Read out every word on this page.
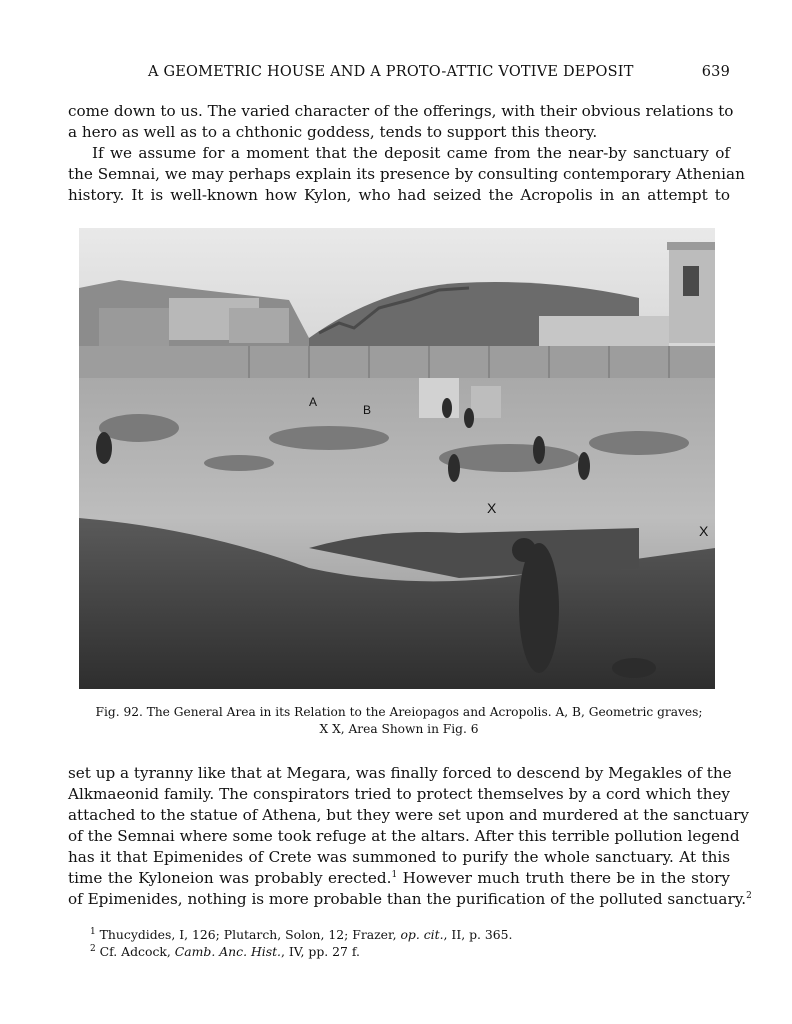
A GEOMETRIC HOUSE AND A PROTO-ATTIC VOTIVE DEPOSIT	639
come down to us. The varied character of the offerings, with their obvious relations to
a hero as well as to a chthonic goddess, tends to support this theory.
If we assume for a moment that the deposit came from the near-by sanctuary of
the Semnai, we may perhaps explain its presence by consulting contemporary Athenian
history. It is well-known how Kylon, who had seized the Acropolis in an attempt to
A
B
X
X
Fig. 92. The General Area in its Relation to the Areiopagos and Acropolis. A, B, Geometric graves;
X X, Area Shown in Fig. 6
set up a tyranny like that at Megara, was finally forced to descend by Megakles of the
Alkmaeonid family. The conspirators tried to protect themselves by a cord which they
attached to the statue of Athena, but they were set upon and murdered at the sanctuary
of the Semnai where some took refuge at the altars. After this terrible pollution legend
has it that Epimenides of Crete was summoned to purify the whole sanctuary. At this
time the Kyloneion was probably erected.$^1$ However much truth there be in the story
of Epimenides, nothing is more probable than the purification of the polluted sanctuary.$^2$
$^1$ Thucydides, I, 126; Plutarch, Solon, 12; Frazer, op. cit., II, p. 365.
$^2$ Cf. Adcock, Camb. Anc. Hist., IV, pp. 27 f.
